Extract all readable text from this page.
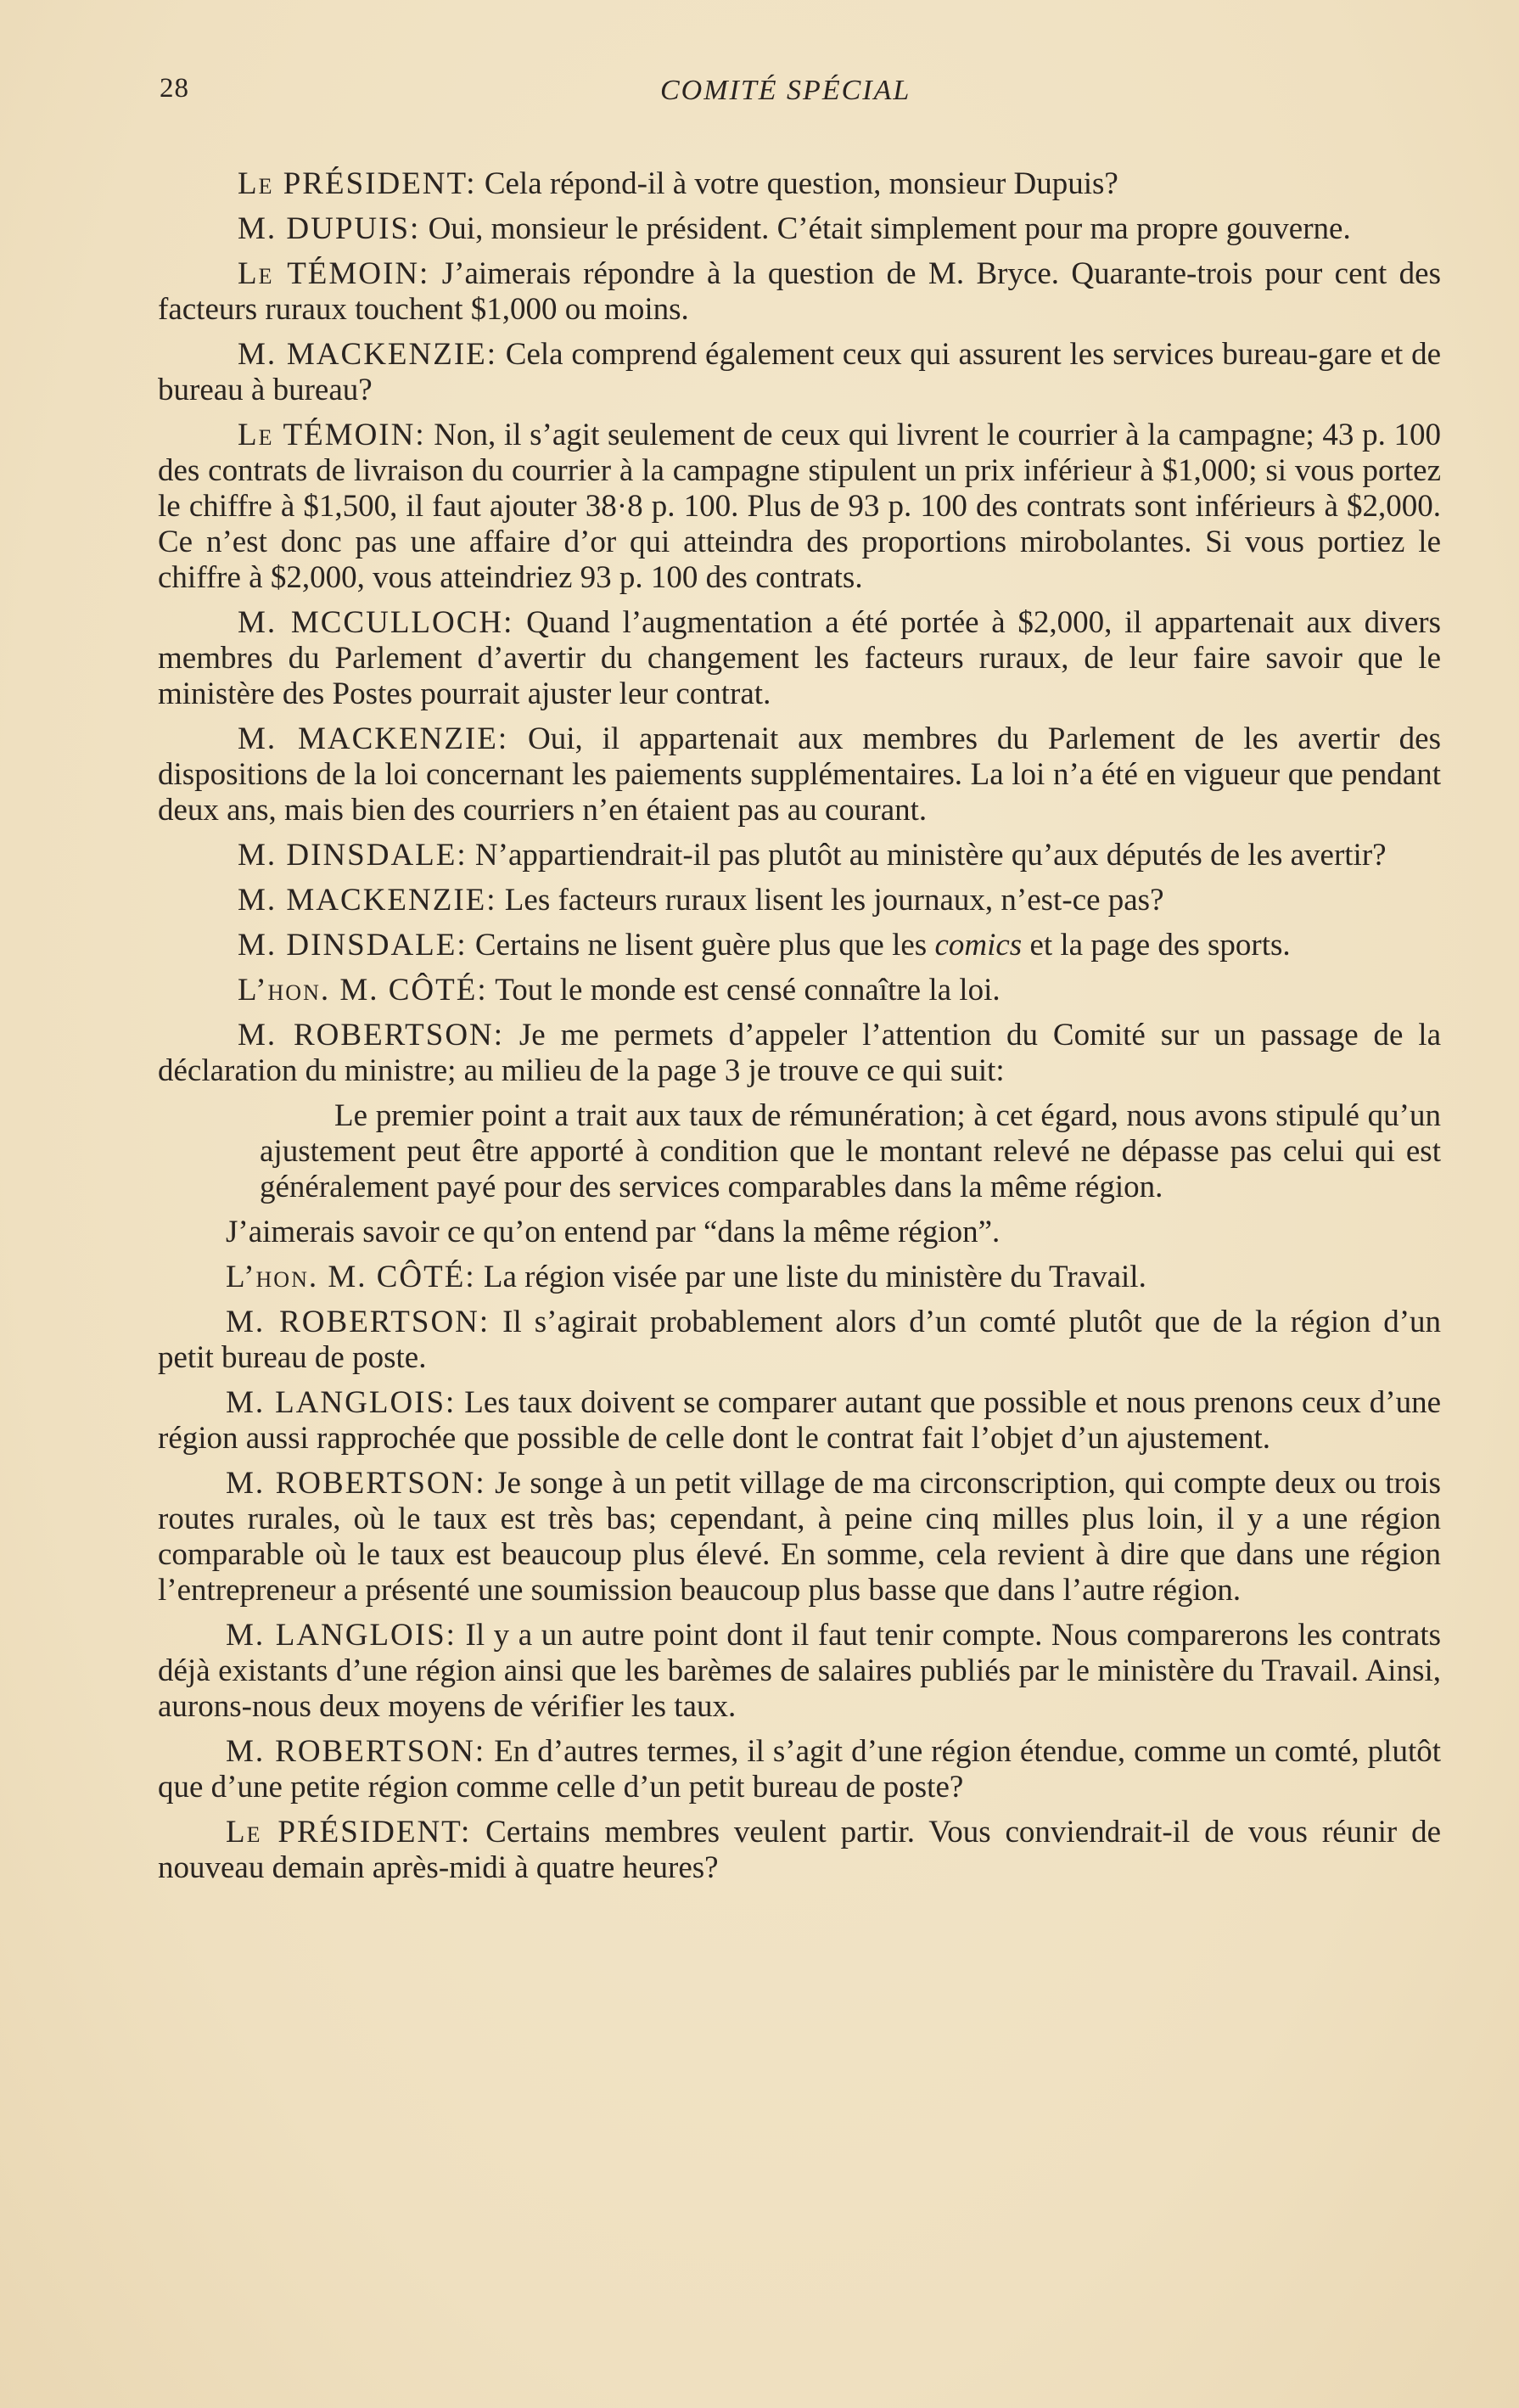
28	COMITÉ SPÉCIAL

Le PRÉSIDENT: Cela répond-il à votre question, monsieur Dupuis?

M. DUPUIS: Oui, monsieur le président. C’était simplement pour ma propre gouverne.

Le TÉMOIN: J’aimerais répondre à la question de M. Bryce. Quarante-trois pour cent des facteurs ruraux touchent $1,000 ou moins.

M. MACKENZIE: Cela comprend également ceux qui assurent les services bureau-gare et de bureau à bureau?

Le TÉMOIN: Non, il s’agit seulement de ceux qui livrent le courrier à la campagne; 43 p. 100 des contrats de livraison du courrier à la campagne stipulent un prix inférieur à $1,000; si vous portez le chiffre à $1,500, il faut ajouter 38·8 p. 100. Plus de 93 p. 100 des contrats sont inférieurs à $2,000. Ce n’est donc pas une affaire d’or qui atteindra des proportions mirobolantes. Si vous portiez le chiffre à $2,000, vous atteindriez 93 p. 100 des contrats.

M. MCCULLOCH: Quand l’augmentation a été portée à $2,000, il appartenait aux divers membres du Parlement d’avertir du changement les facteurs ruraux, de leur faire savoir que le ministère des Postes pourrait ajuster leur contrat.

M. MACKENZIE: Oui, il appartenait aux membres du Parlement de les avertir des dispositions de la loi concernant les paiements supplémentaires. La loi n’a été en vigueur que pendant deux ans, mais bien des courriers n’en étaient pas au courant.

M. DINSDALE: N’appartiendrait-il pas plutôt au ministère qu’aux députés de les avertir?

M. MACKENZIE: Les facteurs ruraux lisent les journaux, n’est-ce pas?

M. DINSDALE: Certains ne lisent guère plus que les comics et la page des sports.

L’hon. M. CÔTÉ: Tout le monde est censé connaître la loi.

M. ROBERTSON: Je me permets d’appeler l’attention du Comité sur un passage de la déclaration du ministre; au milieu de la page 3 je trouve ce qui suit:

Le premier point a trait aux taux de rémunération; à cet égard, nous avons stipulé qu’un ajustement peut être apporté à condition que le montant relevé ne dépasse pas celui qui est généralement payé pour des services comparables dans la même région.

J’aimerais savoir ce qu’on entend par “dans la même région”.

L’hon. M. CÔTÉ: La région visée par une liste du ministère du Travail.

M. ROBERTSON: Il s’agirait probablement alors d’un comté plutôt que de la région d’un petit bureau de poste.

M. LANGLOIS: Les taux doivent se comparer autant que possible et nous prenons ceux d’une région aussi rapprochée que possible de celle dont le contrat fait l’objet d’un ajustement.

M. ROBERTSON: Je songe à un petit village de ma circonscription, qui compte deux ou trois routes rurales, où le taux est très bas; cependant, à peine cinq milles plus loin, il y a une région comparable où le taux est beaucoup plus élevé. En somme, cela revient à dire que dans une région l’entrepreneur a présenté une soumission beaucoup plus basse que dans l’autre région.

M. LANGLOIS: Il y a un autre point dont il faut tenir compte. Nous comparerons les contrats déjà existants d’une région ainsi que les barèmes de salaires publiés par le ministère du Travail. Ainsi, aurons-nous deux moyens de vérifier les taux.

M. ROBERTSON: En d’autres termes, il s’agit d’une région étendue, comme un comté, plutôt que d’une petite région comme celle d’un petit bureau de poste?

Le PRÉSIDENT: Certains membres veulent partir. Vous conviendrait-il de vous réunir de nouveau demain après-midi à quatre heures?
